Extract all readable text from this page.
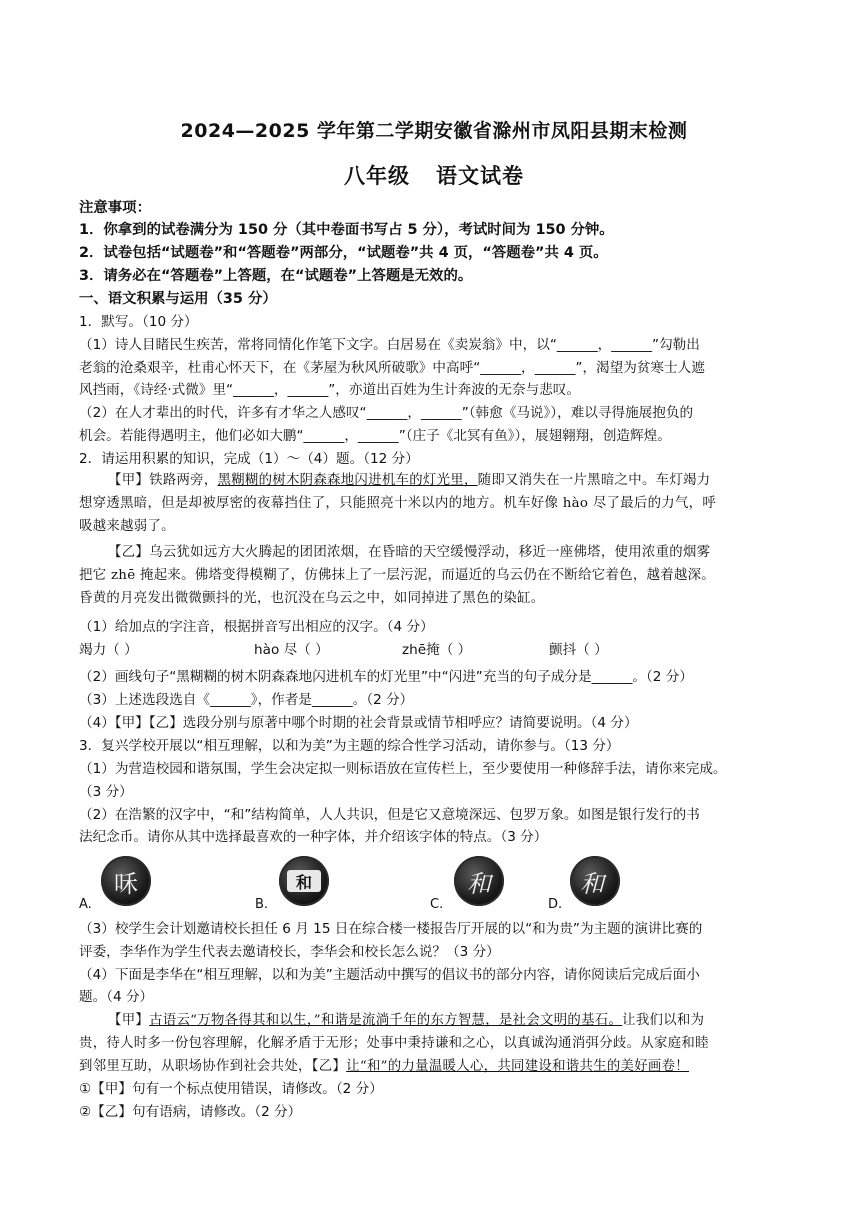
2024—2025 学年第二学期安徽省滁州市凤阳县期末检测
八年级 语文试卷
注意事项：
1．你拿到的试卷满分为 150 分（其中卷面书写占 5 分），考试时间为 150 分钟。
2．试卷包括“试题卷”和“答题卷”两部分，“试题卷”共 4 页，“答题卷”共 4 页。
3．请务必在“答题卷”上答题，在“试题卷”上答题是无效的。
一、语文积累与运用（35 分）
1．默写。（10 分）
（1）诗人目睹民生疾苦，常将同情化作笔下文字。白居易在《卖炭翁》中，以“______，______”勾勒出
老翁的沧桑艰辛，杜甫心怀天下，在《茅屋为秋风所破歌》中高呼“______，______”，渴望为贫寒士人遮
风挡雨，《诗经·式微》里“______，______”，亦道出百姓为生计奔波的无奈与悲叹。
（2）在人才辈出的时代，许多有才华之人感叹“______，______”（韩愈《马说》），难以寻得施展抱负的
机会。若能得遇明主，他们必如大鹏“______，______”（庄子《北冥有鱼》），展翅翱翔，创造辉煌。
2．请运用积累的知识，完成（1）～（4）题。（12 分）
【甲】铁路两旁，黑糊糊的树木阴森森地闪进机车的灯光里，随即又消失在一片黑暗之中。车灯竭力
想穿透黑暗，但是却被厚密的夜幕挡住了，只能照亮十米以内的地方。机车好像 hào 尽了最后的力气，呼
吸越来越弱了。
【乙】乌云犹如远方大火腾起的团团浓烟，在昏暗的天空缓慢浮动，移近一座佛塔，使用浓重的烟雾
把它 zhē 掩起来。佛塔变得模糊了，仿佛抹上了一层污泥，而逼近的乌云仍在不断给它着色，越着越深。
昏黄的月亮发出微微颤抖的光，也沉没在乌云之中，如同掉进了黑色的染缸。
（1）给加点的字注音，根据拼音写出相应的汉字。（4 分）
竭力（ ）	hào 尽（ ）	zhē掩（ ）	颤抖（ ）
（2）画线句子“黑糊糊的树木阴森森地闪进机车的灯光里”中“闪进”充当的句子成分是______。（2 分）
（3）上述选段选自《______》，作者是______。（2 分）
（4）【甲】【乙】选段分别与原著中哪个时期的社会背景或情节相呼应？请简要说明。（4 分）
3．复兴学校开展以“相互理解，以和为美”为主题的综合性学习活动，请你参与。（13 分）
（1）为营造校园和谐氛围，学生会决定拟一则标语放在宣传栏上，至少要使用一种修辞手法，请你来完成。
（3 分）
（2）在浩繁的汉字中，“和”结构简单，人人共识，但是它又意境深远、包罗万象。如图是银行发行的书
法纪念币。请你从其中选择最喜欢的一种字体，并介绍该字体的特点。（3 分）
A.
咊
B.
和
C.
和
D.
和
（3）校学生会计划邀请校长担任 6 月 15 日在综合楼一楼报告厅开展的以“和为贵”为主题的演讲比赛的
评委，李华作为学生代表去邀请校长，李华会和校长怎么说？（3 分）
（4）下面是李华在“相互理解，以和为美”主题活动中撰写的倡议书的部分内容，请你阅读后完成后面小
题。（4 分）
【甲】古语云“万物各得其和以生，”和谐是流淌千年的东方智慧，是社会文明的基石。让我们以和为
贵，待人时多一份包容理解，化解矛盾于无形；处事中秉持谦和之心，以真诚沟通消弭分歧。从家庭和睦
到邻里互助，从职场协作到社会共处，【乙】让“和”的力量温暖人心，共同建设和谐共生的美好画卷！
①【甲】句有一个标点使用错误，请修改。（2 分）
②【乙】句有语病，请修改。（2 分）
